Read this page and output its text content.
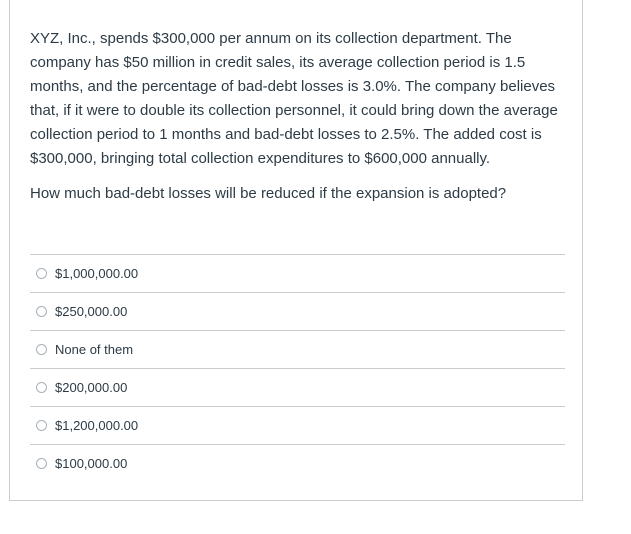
XYZ, Inc., spends $300,000 per annum on its collection department. The company has $50 million in credit sales, its average collection period is 1.5 months, and the percentage of bad-debt losses is 3.0%. The company believes that, if it were to double its collection personnel, it could bring down the average collection period to 1 months and bad-debt losses to 2.5%. The added cost is $300,000, bringing total collection expenditures to $600,000 annually.

How much bad-debt losses will be reduced if the expansion is adopted?

$1,000,000.00
$250,000.00
None of them
$200,000.00
$1,200,000.00
$100,000.00
